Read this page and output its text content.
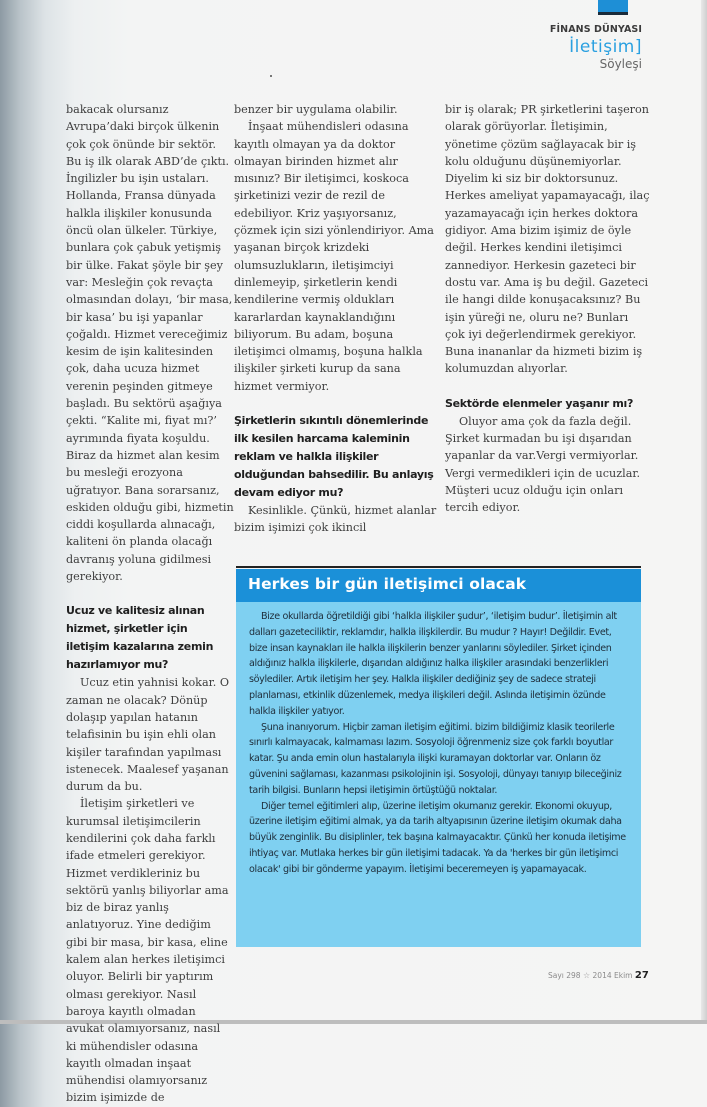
FİNANS DÜNYASI
İletişim]
Söyleşi

bakacak olursanız Avrupa’daki birçok ülkenin çok çok önünde bir sektör. Bu iş ilk olarak ABD’de çıktı. İngilizler bu işin ustaları. Hollanda, Fransa dünyada halkla ilişkiler konusunda öncü olan ülkeler. Türkiye, bunlara çok çabuk yetişmiş bir ülke. Fakat şöyle bir şey var: Mesleğin çok revaçta olmasından dolayı, ‘bir masa, bir kasa’ bu işi yapanlar çoğaldı. Hizmet vereceğimiz kesim de işin kalitesinden çok, daha ucuza hizmet verenin peşinden gitmeye başladı. Bu sektörü aşağıya çekti. “Kalite mi, fiyat mı?’ ayrımında fiyata koşuldu. Biraz da hizmet alan kesim bu mesleği erozyona uğratıyor. Bana sorarsanız, eskiden olduğu gibi, hizmetin ciddi koşullarda alınacağı, kaliteni ön planda olacağı davranış yoluna gidilmesi gerekiyor.

Ucuz ve kalitesiz alınan hizmet, şirketler için iletişim kazalarına zemin hazırlamıyor mu?

Ucuz etin yahnisi kokar. O zaman ne olacak? Dönüp dolaşıp yapılan hatanın telafisinin bu işin ehli olan kişiler tarafından yapılması istenecek. Maalesef yaşanan durum da bu.

İletişim şirketleri ve kurumsal iletişimcilerin kendilerini çok daha farklı ifade etmeleri gerekiyor. Hizmet verdikleriniz bu sektörü yanlış biliyorlar ama biz de biraz yanlış anlatıyoruz. Yine dediğim gibi bir masa, bir kasa, eline kalem alan herkes iletişimci oluyor. Belirli bir yaptırım olması gerekiyor. Nasıl baroya kayıtlı olmadan avukat olamıyorsanız, nasıl ki mühendisler odasına kayıtlı olmadan inşaat mühendisi olamıyorsanız bizim işimizde de

benzer bir uygulama olabilir.

İnşaat mühendisleri odasına kayıtlı olmayan ya da doktor olmayan birinden hizmet alır mısınız? Bir iletişimci, koskoca şirketinizi vezir de rezil de edebiliyor. Kriz yaşıyorsanız, çözmek için sizi yönlendiriyor. Ama yaşanan birçok krizdeki olumsuzlukların, iletişimciyi dinlemeyip, şirketlerin kendi kendilerine vermiş oldukları kararlardan kaynaklandığını biliyorum. Bu adam, boşuna iletişimci olmamış, boşuna halkla ilişkiler şirketi kurup da sana hizmet vermiyor.

Şirketlerin sıkıntılı dönemlerinde ilk kesilen harcama kaleminin reklam ve halkla ilişkiler olduğundan bahsedilir. Bu anlayış devam ediyor mu?

Kesinlikle. Çünkü, hizmet alanlar bizim işimizi çok ikincil

bir iş olarak; PR şirketlerini taşeron olarak görüyorlar. İletişimin, yönetime çözüm sağlayacak bir iş kolu olduğunu düşünemiyorlar. Diyelim ki siz bir doktorsunuz. Herkes ameliyat yapamayacağı, ilaç yazamayacağı için herkes doktora gidiyor. Ama bizim işimiz de öyle değil. Herkes kendini iletişimci zannediyor. Herkesin gazeteci bir dostu var. Ama iş bu değil. Gazeteci ile hangi dilde konuşacaksınız? Bu işin yüreği ne, oluru ne? Bunları çok iyi değerlendirmek gerekiyor. Buna inananlar da hizmeti bizim iş kolumuzdan alıyorlar.

Sektörde elenmeler yaşanır mı?

Oluyor ama çok da fazla değil. Şirket kurmadan bu işi dışarıdan yapanlar da var.Vergi vermiyorlar. Vergi vermedikleri için de ucuzlar. Müşteri ucuz olduğu için onları tercih ediyor.

Herkes bir gün iletişimci olacak

Bize okullarda öğretildiği gibi ‘halkla ilişkiler şudur’, ‘iletişim budur’. İletişimin alt dalları gazeteciliktir, reklamdır, halkla ilişkilerdir. Bu mudur ? Hayır! Değildir. Evet, bize insan kaynakları ile halkla ilişkilerin benzer yanlarını söylediler. Şirket içinden aldığınız halkla ilişkilerle, dışarıdan aldığınız halka ilişkiler arasındaki benzerlikleri söylediler. Artık iletişim her şey. Halkla ilişkiler dediğiniz şey de sadece strateji planlaması, etkinlik düzenlemek, medya ilişkileri değil. Aslında iletişimin özünde halkla ilişkiler yatıyor.

Şuna inanıyorum. Hiçbir zaman iletişim eğitimi. bizim bildiğimiz klasik teorilerle sınırlı kalmayacak, kalmaması lazım. Sosyoloji öğrenmeniz size çok farklı boyutlar katar. Şu anda emin olun hastalarıyla ilişki kuramayan doktorlar var. Onların öz güvenini sağlaması, kazanması psikolojinin işi. Sosyoloji, dünyayı tanıyıp bileceğiniz tarih bilgisi. Bunların hepsi iletişimin örtüştüğü noktalar.

Diğer temel eğitimleri alıp, üzerine iletişim okumanız gerekir. Ekonomi okuyup, üzerine iletişim eğitimi almak, ya da tarih altyapısının üzerine iletişim okumak daha büyük zenginlik. Bu disiplinler, tek başına kalmayacaktır. Çünkü her konuda iletişime ihtiyaç var. Mutlaka herkes bir gün iletişimi tadacak. Ya da 'herkes bir gün iletişimci olacak' gibi bir gönderme yapayım. İletişimi beceremeyen iş yapamayacak.

Sayı 298 ☆ 2014 Ekim 27
